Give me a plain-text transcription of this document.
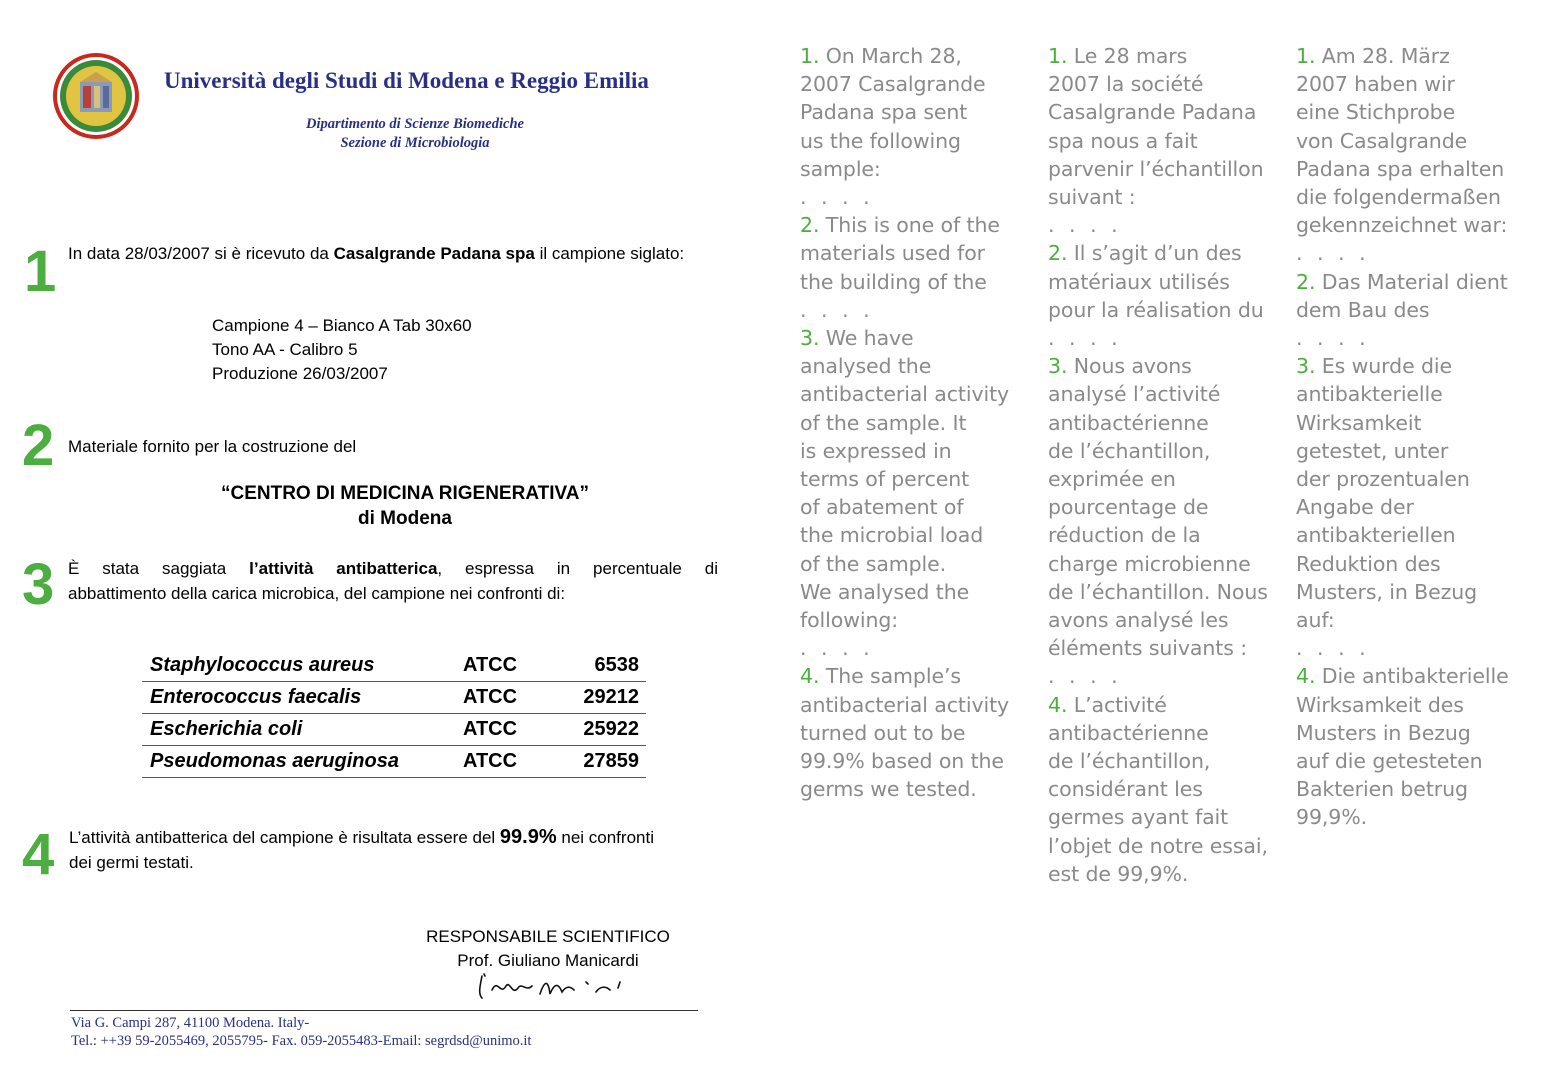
Università degli Studi di Modena e Reggio Emilia
Dipartimento di Scienze Biomediche
Sezione di Microbiologia
1 In data 28/03/2007 si è ricevuto da Casalgrande Padana spa il campione siglato:
Campione 4 – Bianco A Tab 30x60
Tono AA - Calibro 5
Produzione 26/03/2007
2 Materiale fornito per la costruzione del
“CENTRO DI MEDICINA RIGENERATIVA”
di Modena
3 È stata saggiata l’attività antibatterica, espressa in percentuale di
abbattimento della carica microbica, del campione nei confronti di:
Staphylococcus aureus	ATCC	6538
Enterococcus faecalis	ATCC	29212
Escherichia coli	ATCC	25922
Pseudomonas aeruginosa	ATCC	27859
4 L’attività antibatterica del campione è risultata essere del 99.9% nei confronti
dei germi testati.
RESPONSABILE SCIENTIFICO
Prof. Giuliano Manicardi
Via G. Campi 287, 41100 Modena. Italy-
Tel.: ++39 59-2055469, 2055795- Fax. 059-2055483-Email: segrdsd@unimo.it
1. On March 28,
2007 Casalgrande
Padana spa sent
us the following
sample:
. . . .
2. This is one of the
materials used for
the building of the
. . . .
3. We have
analysed the
antibacterial activity
of the sample. It
is expressed in
terms of percent
of abatement of
the microbial load
of the sample.
We analysed the
following:
. . . .
4. The sample’s
antibacterial activity
turned out to be
99.9% based on the
germs we tested.
1. Le 28 mars
2007 la société
Casalgrande Padana
spa nous a fait
parvenir l’échantillon
suivant :
. . . .
2. Il s’agit d’un des
matériaux utilisés
pour la réalisation du
. . . .
3. Nous avons
analysé l’activité
antibactérienne
de l’échantillon,
exprimée en
pourcentage de
réduction de la
charge microbienne
de l’échantillon. Nous
avons analysé les
éléments suivants :
. . . .
4. L’activité
antibactérienne
de l’échantillon,
considérant les
germes ayant fait
l’objet de notre essai,
est de 99,9%.
1. Am 28. März
2007 haben wir
eine Stichprobe
von Casalgrande
Padana spa erhalten
die folgendermaßen
gekennzeichnet war:
. . . .
2. Das Material dient
dem Bau des
. . . .
3. Es wurde die
antibakterielle
Wirksamkeit
getestet, unter
der prozentualen
Angabe der
antibakteriellen
Reduktion des
Musters, in Bezug
auf:
. . . .
4. Die antibakterielle
Wirksamkeit des
Musters in Bezug
auf die getesteten
Bakterien betrug
99,9%.
